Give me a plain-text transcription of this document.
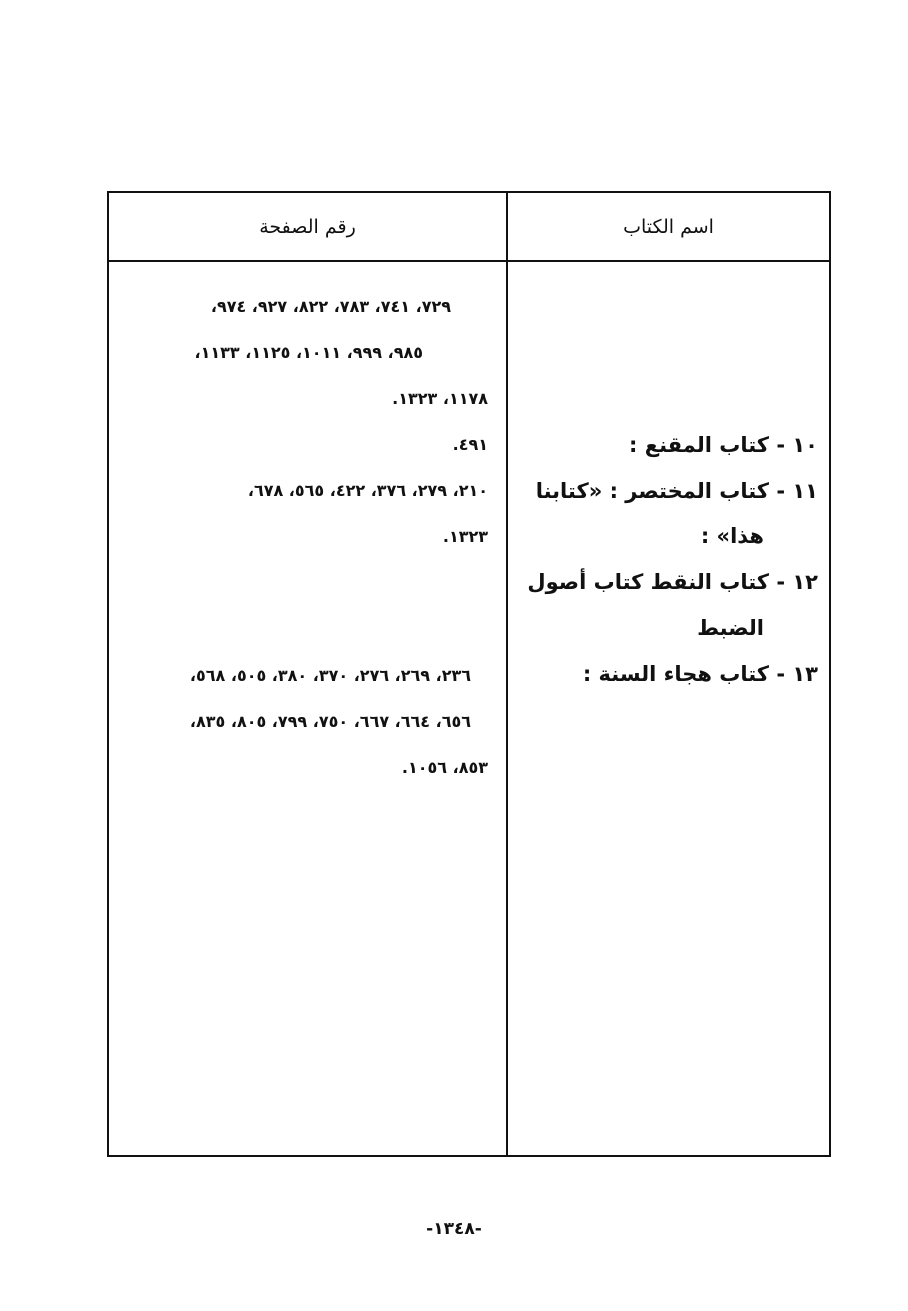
رقم الصفحة	اسم الكتاب
١٠ - كتاب المقنع :
١١ - كتاب المختصر : «كتابنا
هذا» :
١٢ - كتاب النقط كتاب أصول
الضبط
١٣ - كتاب هجاء السنة :
٧٢٩، ٧٤١، ٧٨٣، ٨٢٢، ٩٢٧، ٩٧٤،
٩٨٥، ٩٩٩، ١٠١١، ١١٢٥، ١١٣٣،
١١٧٨، ١٣٢٣.
٤٩١.
٢١٠، ٢٧٩، ٣٧٦، ٤٢٢، ٥٦٥، ٦٧٨،
١٣٢٣.
٢٣٦، ٢٦٩، ٢٧٦، ٣٧٠، ٣٨٠، ٥٠٥، ٥٦٨،
٦٥٦، ٦٦٤، ٦٦٧، ٧٥٠، ٧٩٩، ٨٠٥، ٨٣٥،
٨٥٣، ١٠٥٦.
-١٣٤٨-
